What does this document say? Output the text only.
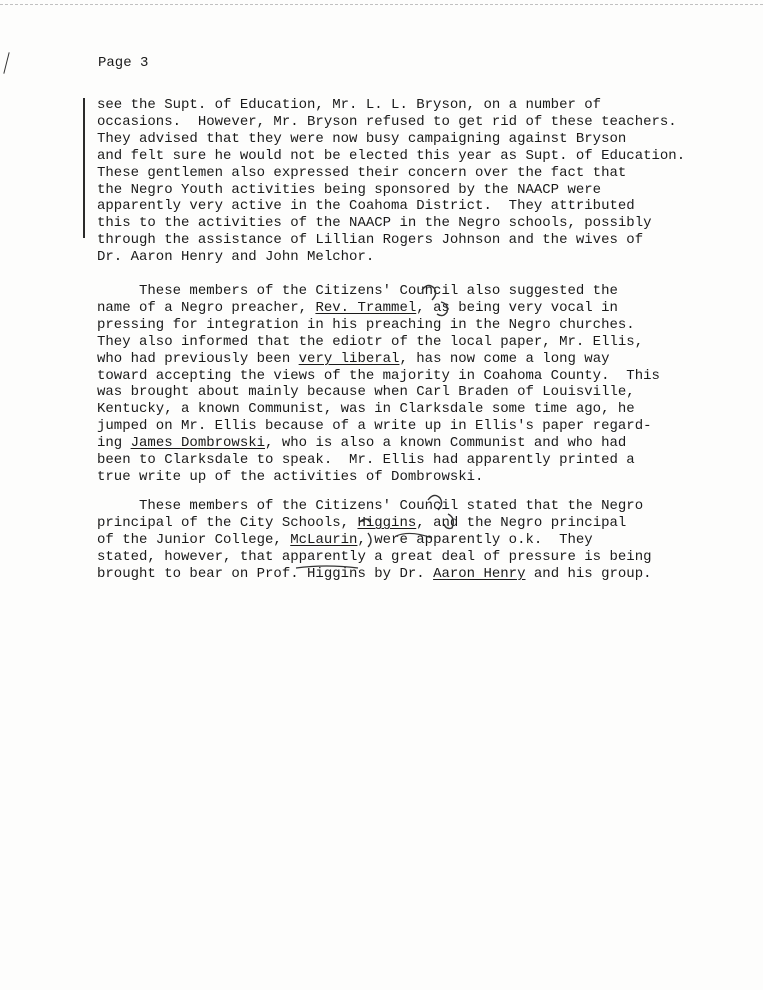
Page 3
see the Supt. of Education, Mr. L. L. Bryson, on a number of
occasions.  However, Mr. Bryson refused to get rid of these teachers.
They advised that they were now busy campaigning against Bryson
and felt sure he would not be elected this year as Supt. of Education.
These gentlemen also expressed their concern over the fact that
the Negro Youth activities being sponsored by the NAACP were
apparently very active in the Coahoma District.  They attributed
this to the activities of the NAACP in the Negro schools, possibly
through the assistance of Lillian Rogers Johnson and the wives of
Dr. Aaron Henry and John Melchor.
These members of the Citizens' Council also suggested the
name of a Negro preacher, Rev. Trammel, as being very vocal in
pressing for integration in his preaching in the Negro churches.
They also informed that the ediotr of the local paper, Mr. Ellis,
who had previously been very liberal, has now come a long way
toward accepting the views of the majority in Coahoma County.  This
was brought about mainly because when Carl Braden of Louisville,
Kentucky, a known Communist, was in Clarksdale some time ago, he
jumped on Mr. Ellis because of a write up in Ellis's paper regard-
ing James Dombrowski, who is also a known Communist and who had
been to Clarksdale to speak.  Mr. Ellis had apparently printed a
true write up of the activities of Dombrowski.
These members of the Citizens' Council stated that the Negro
principal of the City Schools, Higgins, and the Negro principal
of the Junior College, McLaurin, were apparently o.k.  They
stated, however, that apparently a great deal of pressure is being
brought to bear on Prof. Higgins by Dr. Aaron Henry and his group.
